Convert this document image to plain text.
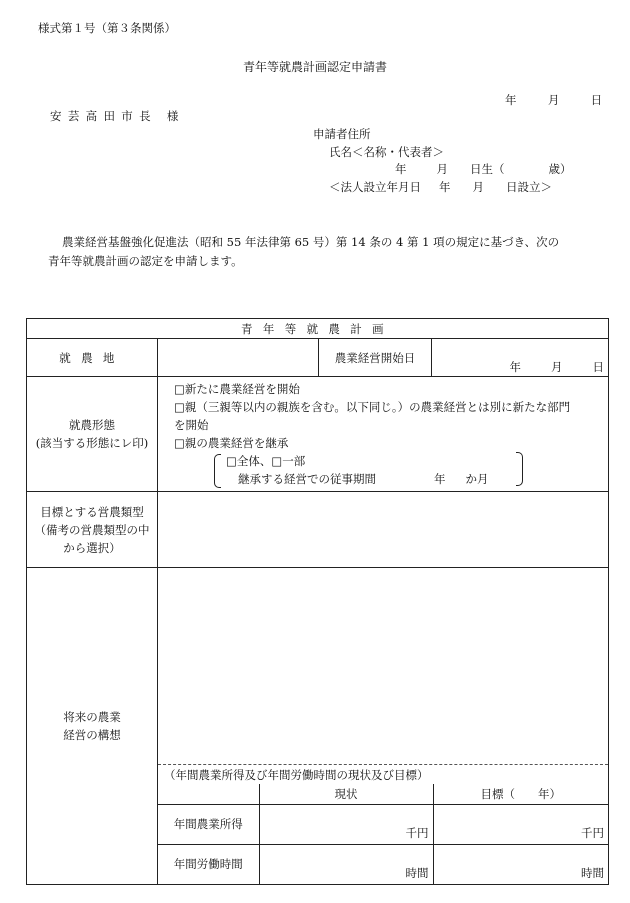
様式第１号（第３条関係）
青年等就農計画認定申請書
年	月	日
安芸高田市長 様
申請者住所
氏名＜名称・代表者＞
年	月 日生（	歳）
＜法人設立年月日 年 月 日設立＞
農業経営基盤強化促進法（昭和 55 年法律第 65 号）第 14 条の 4 第 1 項の規定に基づき、次の
青年等就農計画の認定を申請します。
青年等就農計画
就農地		農業経営開始日	
年	月	日

就農形態
(該当する形態にレ印)

□新たに農業経営を開始
□親（三親等以内の親族を含む。以下同じ。）の農業経営とは別に新たな部門
を開始
□親の農業経営を継承
□全体、□一部
継承する経営での従事期間	年 か月

目標とする営農類型
（備考の営農類型の中
から選択）

将来の農業
経営の構想

（年間農業所得及び年間労働時間の現状及び目標）
	現状	目標（　　年）
年間農業所得	千円	千円
年間労働時間	時間	時間
